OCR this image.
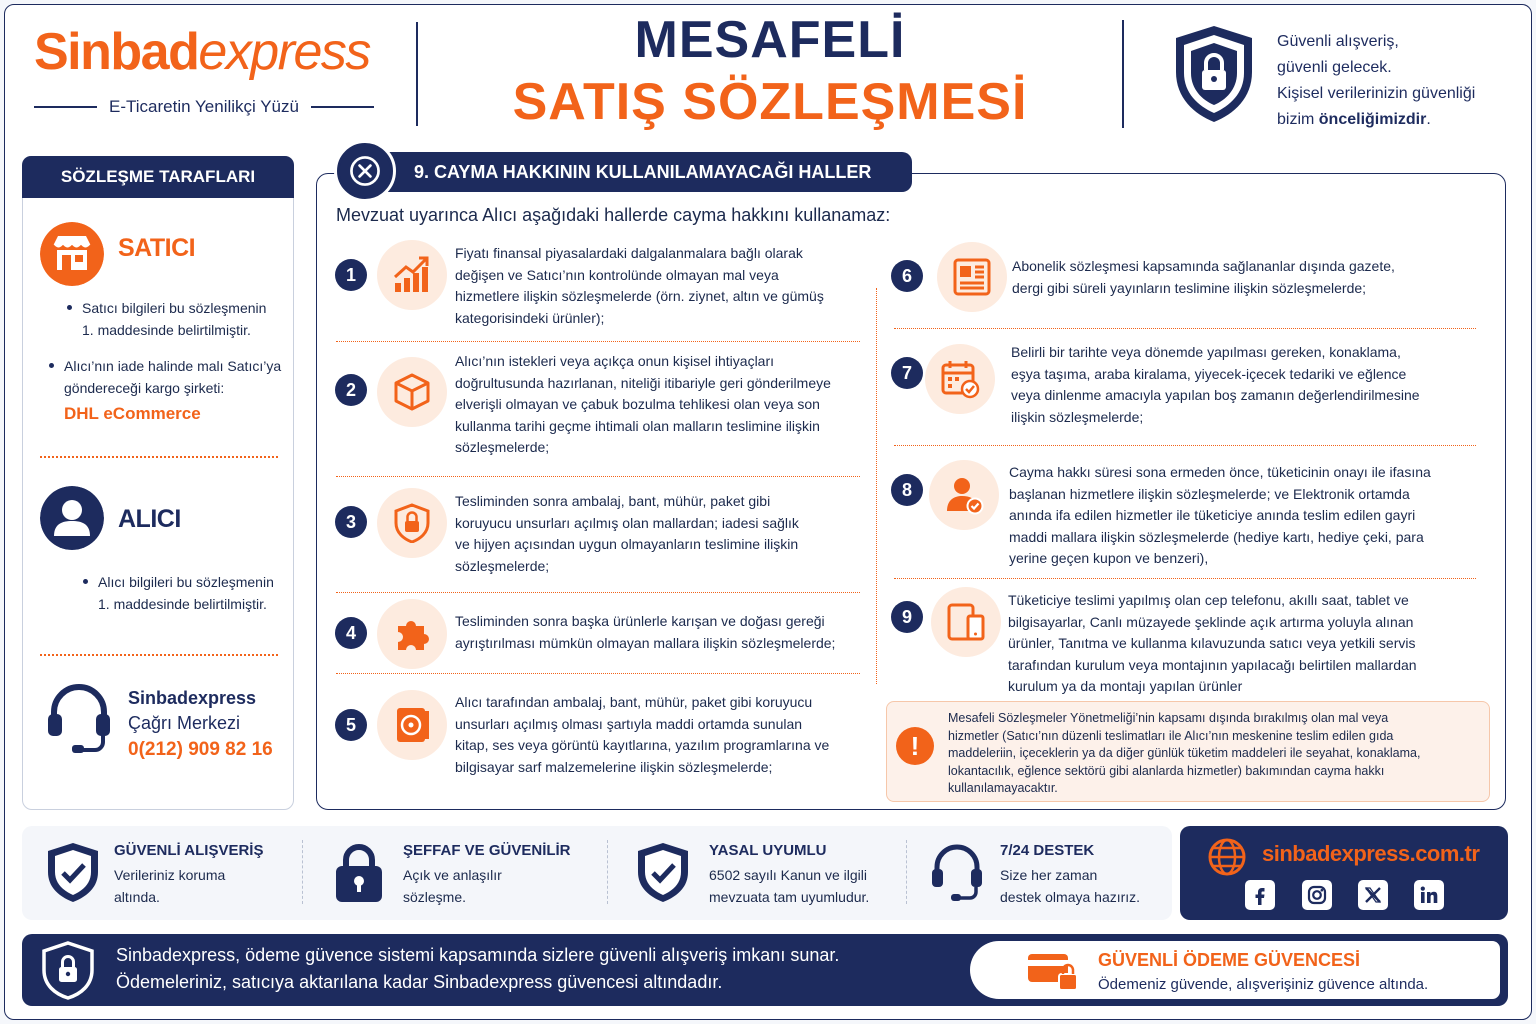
Sinbadexpress
E-Ticaretin Yenilikçi Yüzü
MESAFELİ
SATIŞ SÖZLEŞMESİ
Güvenli alışveriş,
güvenli gelecek.
Kişisel verilerinizin güvenliği
bizim önceliğimizdir.
SÖZLEŞME TARAFLARI
SATICI
Satıcı bilgileri bu sözleşmenin
1. maddesinde belirtilmiştir.
Alıcı’nın iade halinde malı Satıcı’ya
göndereceği kargo şirketi:
DHL eCommerce
ALICI
Alıcı bilgileri bu sözleşmenin
1. maddesinde belirtilmiştir.
Sinbadexpress
Çağrı Merkezi
0(212) 909 82 16
9. CAYMA HAKKININ KULLANILAMAYACAĞI HALLER
Mevzuat uyarınca Alıcı aşağıdaki hallerde cayma hakkını kullanamaz:
1
Fiyatı finansal piyasalardaki dalgalanmalara bağlı olarak
değişen ve Satıcı’nın kontrolünde olmayan mal veya
hizmetlere ilişkin sözleşmelerde (örn. ziynet, altın ve gümüş
kategorisindeki ürünler);
2
Alıcı’nın istekleri veya açıkça onun kişisel ihtiyaçları
doğrultusunda hazırlanan, niteliği itibariyle geri gönderilmeye
elverişli olmayan ve çabuk bozulma tehlikesi olan veya son
kullanma tarihi geçme ihtimali olan malların teslimine ilişkin
sözleşmelerde;
3
Tesliminden sonra ambalaj, bant, mühür, paket gibi
koruyucu unsurları açılmış olan mallardan; iadesi sağlık
ve hijyen açısından uygun olmayanların teslimine ilişkin
sözleşmelerde;
4
Tesliminden sonra başka ürünlerle karışan ve doğası gereği
ayrıştırılması mümkün olmayan mallara ilişkin sözleşmelerde;
5
Alıcı tarafından ambalaj, bant, mühür, paket gibi koruyucu
unsurları açılmış olması şartıyla maddi ortamda sunulan
kitap, ses veya görüntü kayıtlarına, yazılım programlarına ve
bilgisayar sarf malzemelerine ilişkin sözleşmelerde;
6	Abonelik sözleşmesi kapsamında sağlananlar dışında gazete,
dergi gibi süreli yayınların teslimine ilişkin sözleşmelerde;
7
Belirli bir tarihte veya dönemde yapılması gereken, konaklama,
eşya taşıma, araba kiralama, yiyecek-içecek tedariki ve eğlence
veya dinlenme amacıyla yapılan boş zamanın değerlendirilmesine
ilişkin sözleşmelerde;
8
Cayma hakkı süresi sona ermeden önce, tüketicinin onayı ile ifasına
başlanan hizmetlere ilişkin sözleşmelerde; ve Elektronik ortamda
anında ifa edilen hizmetler ile tüketiciye anında teslim edilen gayri
maddi mallara ilişkin sözleşmelerde (hediye kartı, hediye çeki, para
yerine geçen kupon ve benzeri),
9
Tüketiciye teslimi yapılmış olan cep telefonu, akıllı saat, tablet ve
bilgisayarlar, Canlı müzayede şeklinde açık artırma yoluyla alınan
ürünler, Tanıtma ve kullanma kılavuzunda satıcı veya yetkili servis
tarafından kurulum veya montajının yapılacağı belirtilen mallardan
kurulum ya da montajı yapılan ürünler
!
Mesafeli Sözleşmeler Yönetmeliği’nin kapsamı dışında bırakılmış olan mal veya
hizmetler (Satıcı’nın düzenli teslimatları ile Alıcı’nın meskenine teslim edilen gıda
maddeleriin, içeceklerin ya da diğer günlük tüketim maddeleri ile seyahat, konaklama,
lokantacılık, eğlence sektörü gibi alanlarda hizmetler) bakımından cayma hakkı
kullanılamayacaktır.
GÜVENLİ ALIŞVERİŞ
Verileriniz koruma
altında.
ŞEFFAF VE GÜVENİLİR
Açık ve anlaşılır
sözleşme.
YASAL UYUMLU
6502 sayılı Kanun ve ilgili
mevzuata tam uyumludur.
7/24 DESTEK
Size her zaman
destek olmaya hazırız.
sinbadexpress.com.tr
Sinbadexpress, ödeme güvence sistemi kapsamında sizlere güvenli alışveriş imkanı sunar.
Ödemeleriniz, satıcıya aktarılana kadar Sinbadexpress güvencesi altındadır.
GÜVENLİ ÖDEME GÜVENCESİ
Ödemeniz güvende, alışverişiniz güvence altında.
